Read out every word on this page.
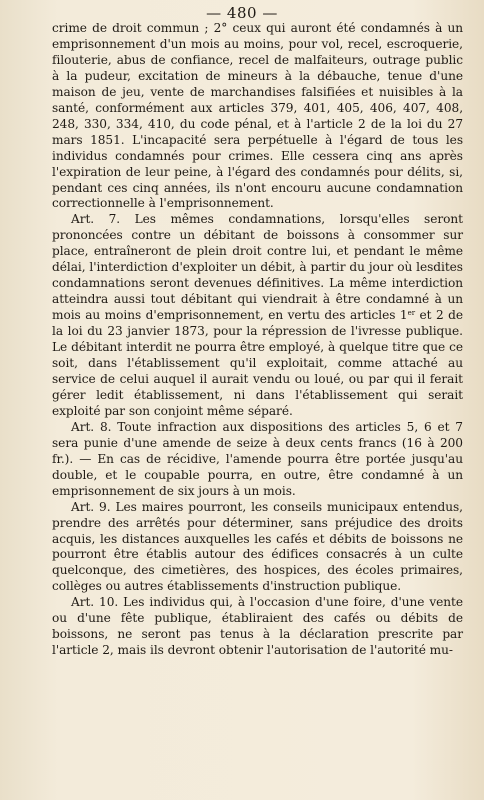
— 480 —

crime de droit commun ; 2° ceux qui auront été condamnés à un emprisonnement d'un mois au moins, pour vol, recel, escroquerie, filouterie, abus de confiance, recel de malfaiteurs, outrage public à la pudeur, excitation de mineurs à la débauche, tenue d'une maison de jeu, vente de marchandises falsifiées et nuisibles à la santé, conformément aux articles 379, 401, 405, 406, 407, 408, 248, 330, 334, 410, du code pénal, et à l'article 2 de la loi du 27 mars 1851. L'incapacité sera perpétuelle à l'égard de tous les individus condamnés pour crimes. Elle cessera cinq ans après l'expiration de leur peine, à l'égard des condamnés pour délits, si, pendant ces cinq années, ils n'ont encouru aucune condamnation correctionnelle à l'emprisonnement.

Art. 7. Les mêmes condamnations, lorsqu'elles seront prononcées contre un débitant de boissons à consommer sur place, entraîneront de plein droit contre lui, et pendant le même délai, l'interdiction d'exploiter un débit, à partir du jour où lesdites condamnations seront devenues définitives. La même interdiction atteindra aussi tout débitant qui viendrait à être condamné à un mois au moins d'emprisonnement, en vertu des articles 1er et 2 de la loi du 23 janvier 1873, pour la répression de l'ivresse publique. Le débitant interdit ne pourra être employé, à quelque titre que ce soit, dans l'établissement qu'il exploitait, comme attaché au service de celui auquel il aurait vendu ou loué, ou par qui il ferait gérer ledit établissement, ni dans l'établissement qui serait exploité par son conjoint même séparé.

Art. 8. Toute infraction aux dispositions des articles 5, 6 et 7 sera punie d'une amende de seize à deux cents francs (16 à 200 fr.). — En cas de récidive, l'amende pourra être portée jusqu'au double, et le coupable pourra, en outre, être condamné à un emprisonnement de six jours à un mois.

Art. 9. Les maires pourront, les conseils municipaux entendus, prendre des arrêtés pour déterminer, sans préjudice des droits acquis, les distances auxquelles les cafés et débits de boissons ne pourront être établis autour des édifices consacrés à un culte quelconque, des cimetières, des hospices, des écoles primaires, collèges ou autres établissements d'instruction publique.

Art. 10. Les individus qui, à l'occasion d'une foire, d'une vente ou d'une fête publique, établiraient des cafés ou débits de boissons, ne seront pas tenus à la déclaration prescrite par l'article 2, mais ils devront obtenir l'autorisation de l'autorité mu-
